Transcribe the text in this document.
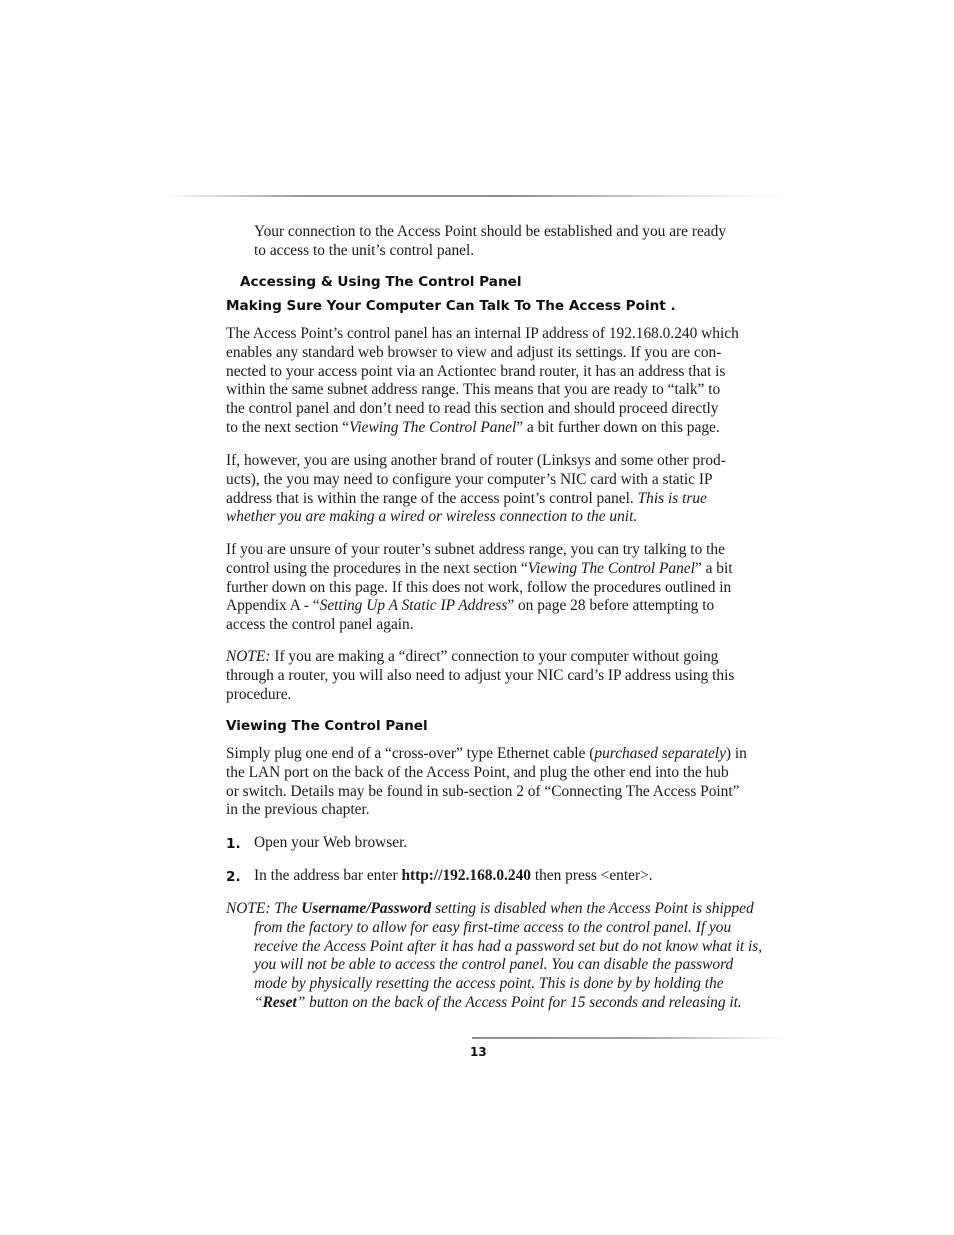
Your connection to the Access Point should be established and you are ready
to access to the unit’s control panel.
Accessing & Using The Control Panel
Making Sure Your Computer Can Talk To The Access Point .
The Access Point’s control panel has an internal IP address of 192.168.0.240 which
enables any standard web browser to view and adjust its settings. If you are con-
nected to your access point via an Actiontec brand router, it has an address that is
within the same subnet address range. This means that you are ready to “talk” to
the control panel and don’t need to read this section and should proceed directly
to the next section “Viewing The Control Panel” a bit further down on this page.
If, however, you are using another brand of router (Linksys and some other prod-
ucts), the you may need to configure your computer’s NIC card with a static IP
address that is within the range of the access point’s control panel. This is true
whether you are making a wired or wireless connection to the unit.
If you are unsure of your router’s subnet address range, you can try talking to the
control using the procedures in the next section “Viewing The Control Panel” a bit
further down on this page. If this does not work, follow the procedures outlined in
Appendix A - “Setting Up A Static IP Address” on page 28 before attempting to
access the control panel again.
NOTE: If you are making a “direct” connection to your computer without going
through a router, you will also need to adjust your NIC card’s IP address using this
procedure.
Viewing The Control Panel
Simply plug one end of a “cross-over” type Ethernet cable (purchased separately) in
the LAN port on the back of the Access Point, and plug the other end into the hub
or switch. Details may be found in sub-section 2 of “Connecting The Access Point”
in the previous chapter.
1. Open your Web browser.
2. In the address bar enter http://192.168.0.240 then press <enter>.
NOTE: The Username/Password setting is disabled when the Access Point is shipped
from the factory to allow for easy first-time access to the control panel. If you
receive the Access Point after it has had a password set but do not know what it is,
you will not be able to access the control panel. You can disable the password
mode by physically resetting the access point. This is done by by holding the
“Reset” button on the back of the Access Point for 15 seconds and releasing it.
13
